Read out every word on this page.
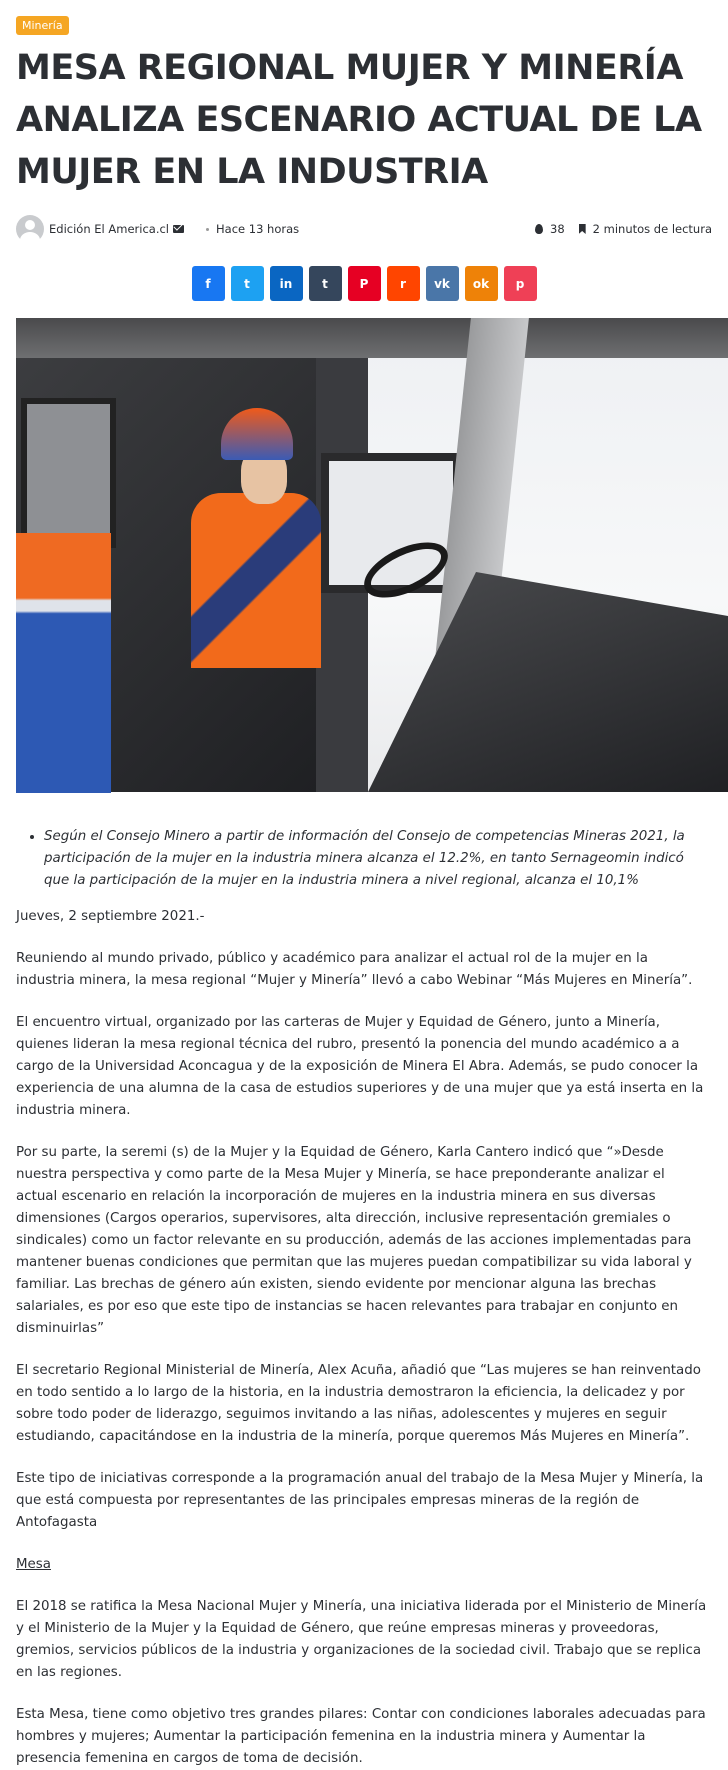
Minería
MESA REGIONAL MUJER Y MINERÍA ANALIZA ESCENARIO ACTUAL DE LA MUJER EN LA INDUSTRIA
Edición El America.cl	Hace 13 horas	38 2 minutos de lectura
f	t in t	P	r vk ok p
• Según el Consejo Minero a partir de información del Consejo de competencias Mineras 2021, la participación de la mujer en la industria minera alcanza el 12.2%, en tanto Sernageomin indicó que la participación de la mujer en la industria minera a nivel regional, alcanza el 10,1%

Jueves, 2 septiembre 2021.-

Reuniendo al mundo privado, público y académico para analizar el actual rol de la mujer en la industria minera, la mesa regional “Mujer y Minería” llevó a cabo Webinar “Más Mujeres en Minería”.

El encuentro virtual, organizado por las carteras de Mujer y Equidad de Género, junto a Minería, quienes lideran la mesa regional técnica del rubro, presentó la ponencia del mundo académico a a cargo de la Universidad Aconcagua y de la exposición de Minera El Abra. Además, se pudo conocer la experiencia de una alumna de la casa de estudios superiores y de una mujer que ya está inserta en la industria minera.

Por su parte, la seremi (s) de la Mujer y la Equidad de Género, Karla Cantero indicó que “»Desde nuestra perspectiva y como parte de la Mesa Mujer y Minería, se hace preponderante analizar el actual escenario en relación la incorporación de mujeres en la industria minera en sus diversas dimensiones (Cargos operarios, supervisores, alta dirección, inclusive representación gremiales o sindicales) como un factor relevante en su producción, además de las acciones implementadas para mantener buenas condiciones que permitan que las mujeres puedan compatibilizar su vida laboral y familiar. Las brechas de género aún existen, siendo evidente por mencionar alguna las brechas salariales, es por eso que este tipo de instancias se hacen relevantes para trabajar en conjunto en disminuirlas”

El secretario Regional Ministerial de Minería, Alex Acuña, añadió que “Las mujeres se han reinventado en todo sentido a lo largo de la historia, en la industria demostraron la eficiencia, la delicadez y por sobre todo poder de liderazgo, seguimos invitando a las niñas, adolescentes y mujeres en seguir estudiando, capacitándose en la industria de la minería, porque queremos Más Mujeres en Minería”.

Este tipo de iniciativas corresponde a la programación anual del trabajo de la Mesa Mujer y Minería, la que está compuesta por representantes de las principales empresas mineras de la región de Antofagasta

Mesa

El 2018 se ratifica la Mesa Nacional Mujer y Minería, una iniciativa liderada por el Ministerio de Minería y el Ministerio de la Mujer y la Equidad de Género, que reúne empresas mineras y proveedoras, gremios, servicios públicos de la industria y organizaciones de la sociedad civil. Trabajo que se replica en las regiones.

Esta Mesa, tiene como objetivo tres grandes pilares: Contar con condiciones laborales adecuadas para hombres y mujeres; Aumentar la participación femenina en la industria minera y Aumentar la presencia femenina en cargos de toma de decisión.
